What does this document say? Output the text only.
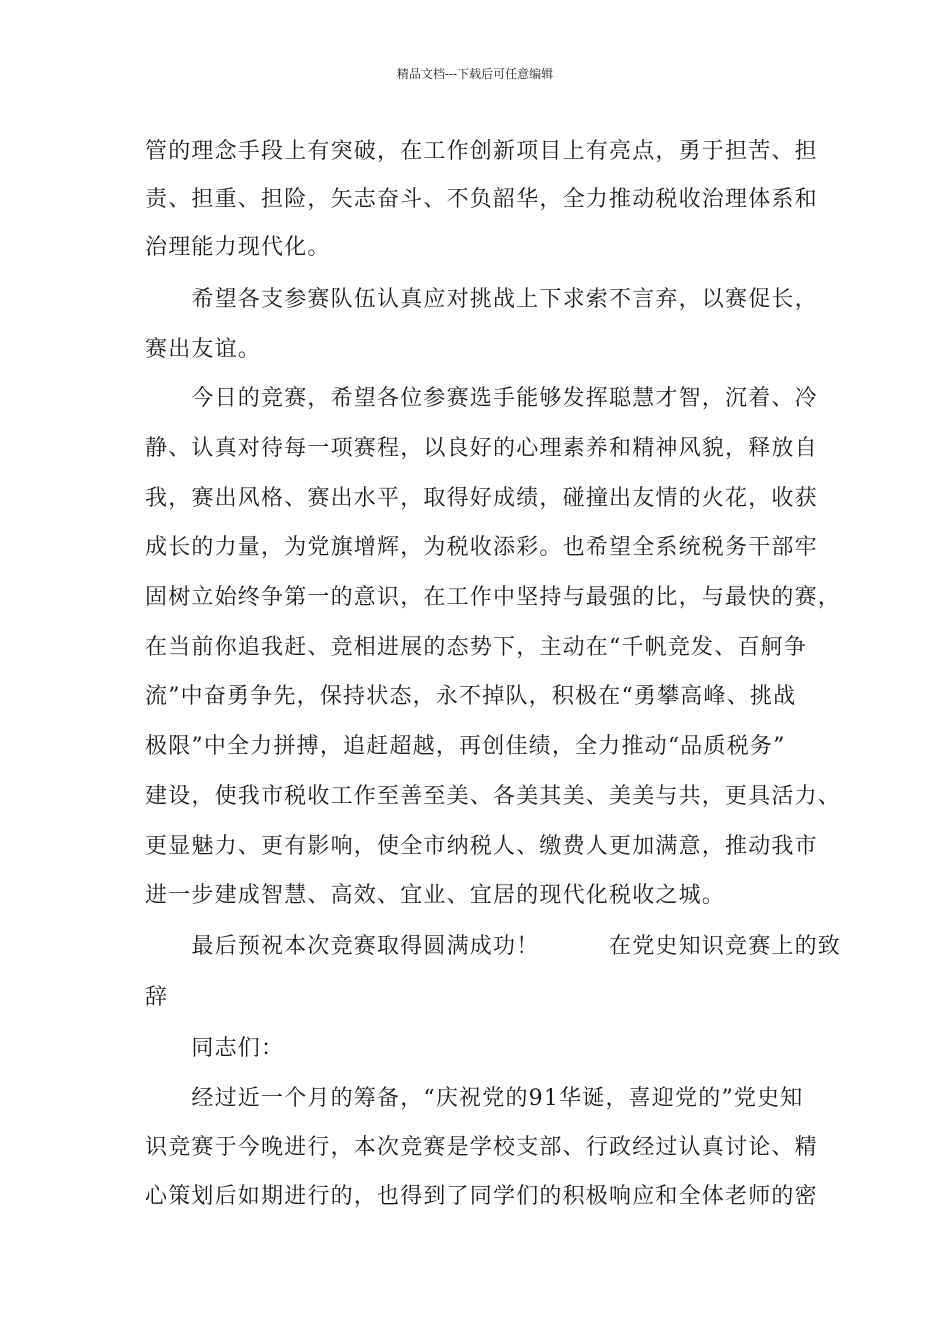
精品文档---下载后可任意编辑
管的理念手段上有突破，在工作创新项目上有亮点，勇于担苦、担
责、担重、担险，矢志奋斗、不负韶华，全力推动税收治理体系和
治理能力现代化。
　　希望各支参赛队伍认真应对挑战上下求索不言弃，以赛促长，
赛出友谊。
　　今日的竞赛，希望各位参赛选手能够发挥聪慧才智，沉着、冷
静、认真对待每一项赛程，以良好的心理素养和精神风貌，释放自
我，赛出风格、赛出水平，取得好成绩，碰撞出友情的火花，收获
成长的力量，为党旗增辉，为税收添彩。也希望全系统税务干部牢
固树立始终争第一的意识，在工作中坚持与最强的比，与最快的赛，
在当前你追我赶、竞相进展的态势下，主动在“千帆竞发、百舸争
流”中奋勇争先，保持状态，永不掉队，积极在“勇攀高峰、挑战
极限”中全力拼搏，追赶超越，再创佳绩，全力推动“品质税务”
建设，使我市税收工作至善至美、各美其美、美美与共，更具活力、
更显魅力、更有影响，使全市纳税人、缴费人更加满意，推动我市
进一步建成智慧、高效、宜业、宜居的现代化税收之城。
　　最后预祝本次竞赛取得圆满成功！　　　在党史知识竞赛上的致
辞
　　同志们：
　　经过近一个月的筹备，“庆祝党的91华诞，喜迎党的”党史知
识竞赛于今晚进行，本次竞赛是学校支部、行政经过认真讨论、精
心策划后如期进行的，也得到了同学们的积极响应和全体老师的密
